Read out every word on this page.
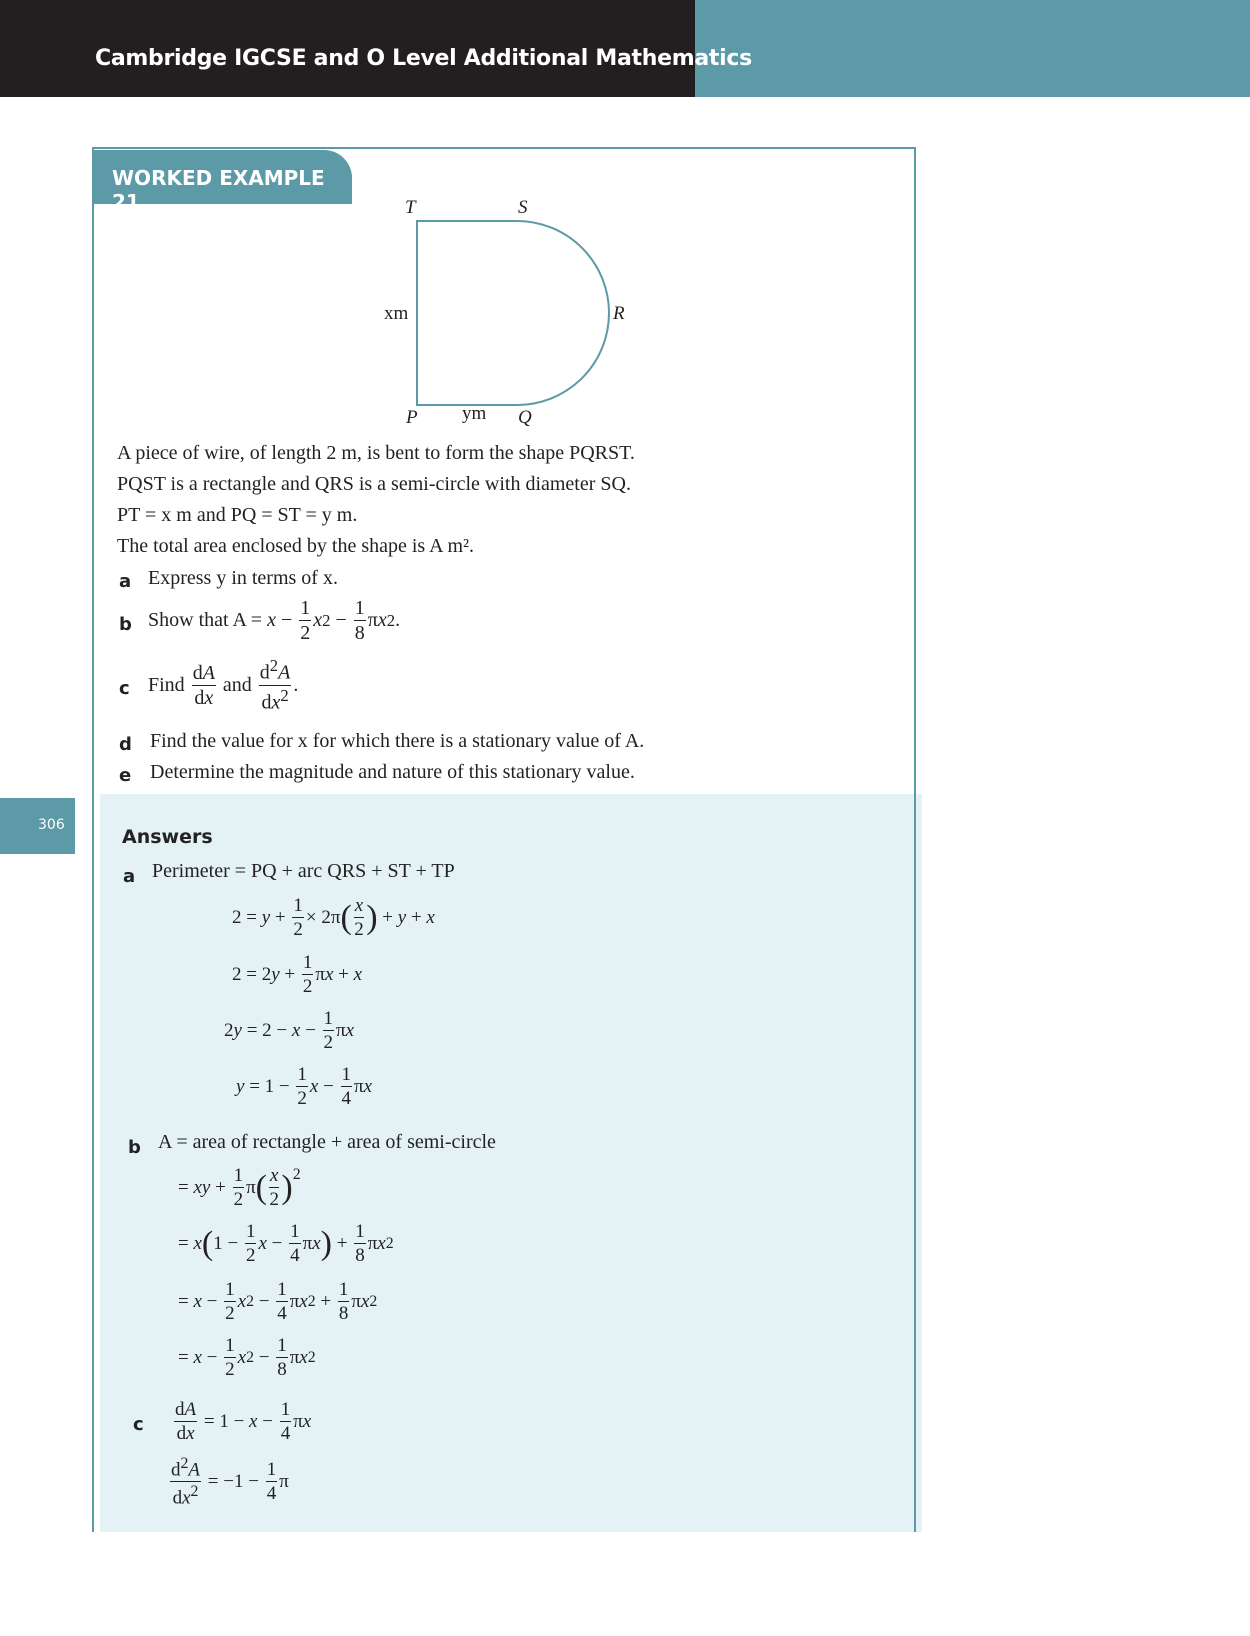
Cambridge IGCSE and O Level Additional Mathematics
WORKED EXAMPLE 21
306
T	S
R
P	Q
xm
ym
A piece of wire, of length 2 m, is bent to form the shape PQRST.
PQST is a rectangle and QRS is a semi-circle with diameter SQ.
PT = x m and PQ = ST = y m.
The total area enclosed by the shape is A m².
a Express y in terms of x.
b Show that A =
$x - \frac{1}{2}$ x $2 - \frac{1}{8}$ π x 2 .
c Find
$\frac{dA}{dx}$ and $\frac{d^2A}{dx^2}$ .
d Find the value for x for which there is a stationary value of A.
e Determine the magnitude and nature of this stationary value.
Answers
a Perimeter = PQ + arc QRS + ST + TP
$2 = y + \frac{1}{2} \times 2\pi$ ( $\frac{x}{2}$ ) + y + x
2 = 2 $y + \frac{1}{2}$ π x + x
2 $y = 2 - x - \frac{1}{2}$ π x
$y = 1 - \frac{1}{2}$ $x - \frac{1}{4}$ π x
b A = area of rectangle + area of semi-circle
= xy + $\frac{1}{2}$ π ( $\frac{x}{2} )^2$
= x ( $1 - \frac{1}{2}$ $x - \frac{1}{4}$ π x ) + $\frac{1}{8}$ π x 2
= $x - \frac{1}{2}$ x $2 - \frac{1}{4}$ π x $2 + \frac{1}{8}$ π x 2
= $x - \frac{1}{2}$ x $2 - \frac{1}{8}$ π x 2
c $\frac{dA}{dx} = 1 - x - \frac{1}{4}$ π x
$\frac{d^2A}{dx^2} = -1 - \frac{1}{4}$ π
